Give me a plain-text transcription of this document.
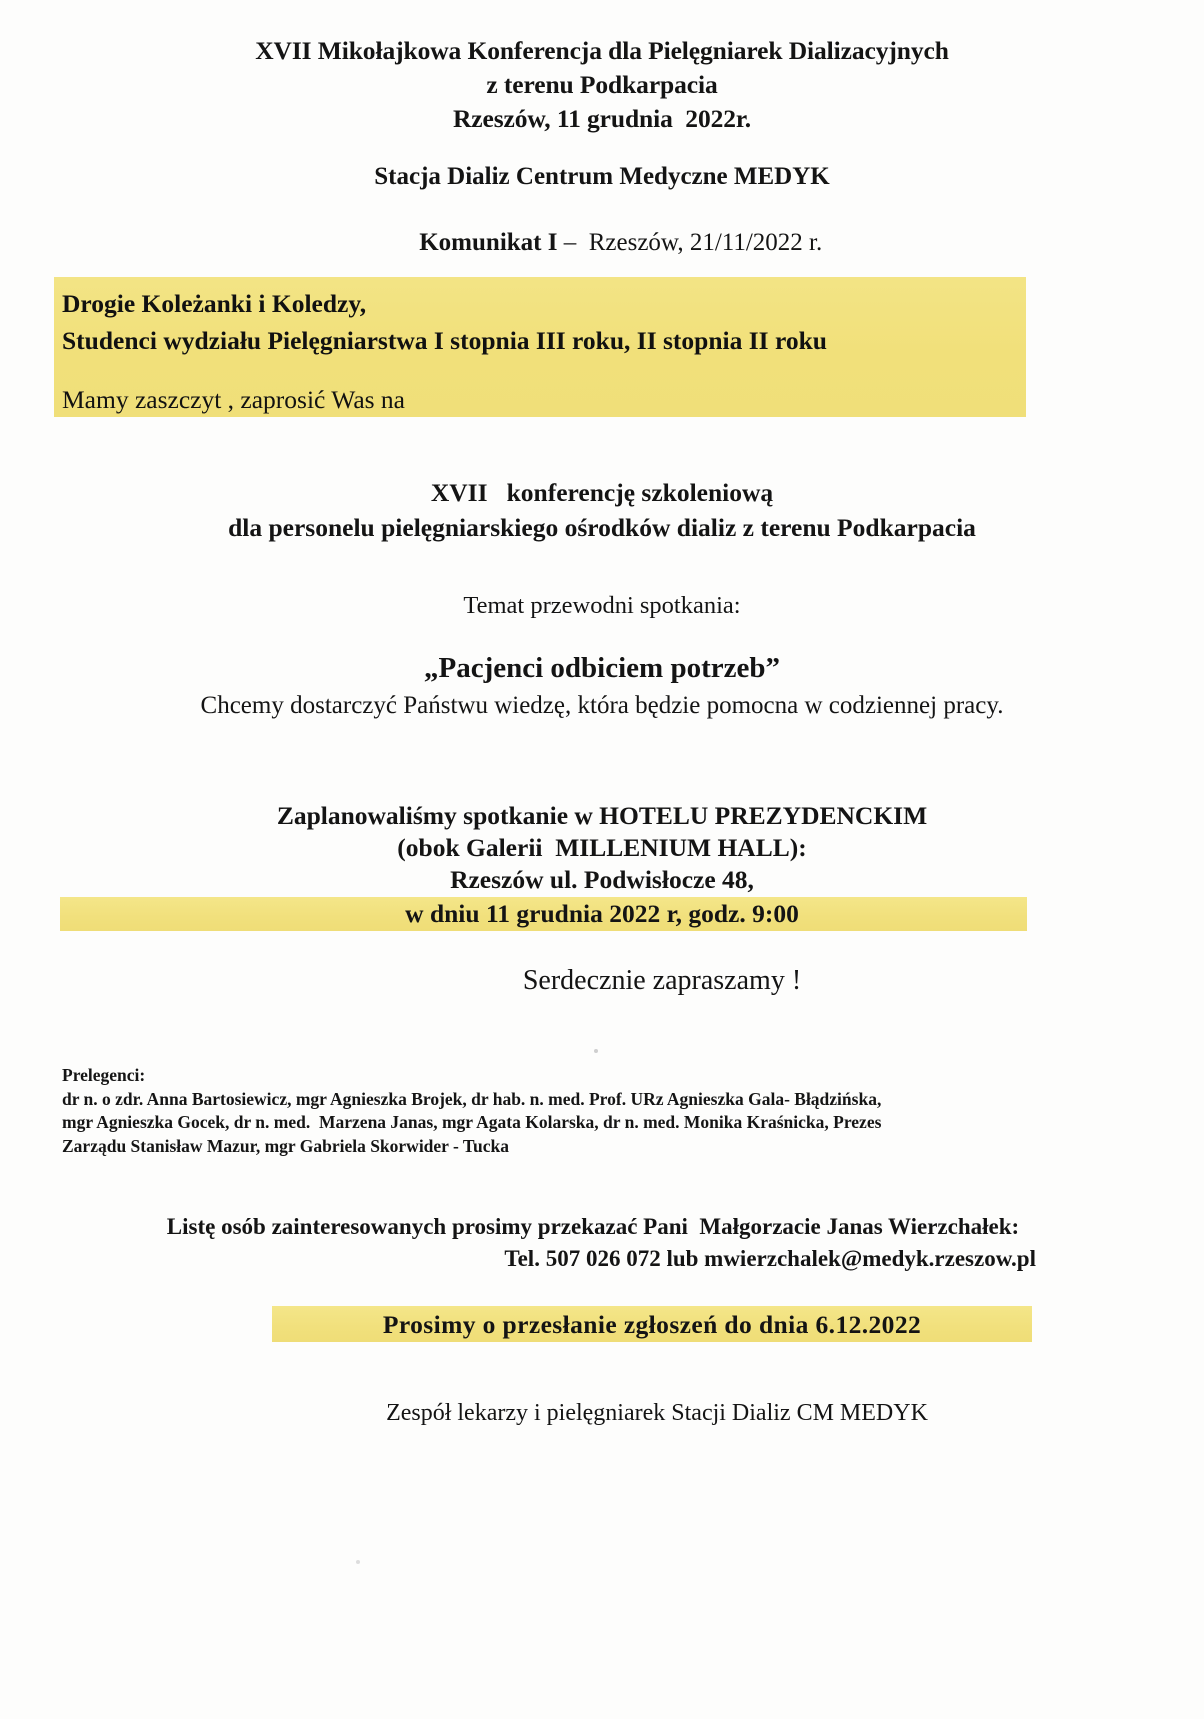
XVII Mikołajkowa Konferencja dla Pielęgniarek Dializacyjnych
z terenu Podkarpacia
Rzeszów, 11 grudnia  2022r.
Stacja Dializ Centrum Medyczne MEDYK

Komunikat I –  Rzeszów, 21/11/2022 r.

Drogie Koleżanki i Koledzy,
Studenci wydziału Pielęgniarstwa I stopnia III roku, II stopnia II roku
Mamy zaszczyt , zaprosić Was na
XVII   konferencję szkoleniową
dla personelu pielęgniarskiego ośrodków dializ z terenu Podkarpacia
Temat przewodni spotkania:
„Pacjenci odbiciem potrzeb”
Chcemy dostarczyć Państwu wiedzę, która będzie pomocna w codziennej pracy.
Zaplanowaliśmy spotkanie w HOTELU PREZYDENCKIM
(obok Galerii  MILLENIUM HALL):
Rzeszów ul. Podwisłocze 48,
w dniu 11 grudnia 2022 r, godz. 9:00
Serdecznie zapraszamy !
Prelegenci:
dr n. o zdr. Anna Bartosiewicz, mgr Agnieszka Brojek, dr hab. n. med. Prof. URz Agnieszka Gala- Błądzińska,
mgr Agnieszka Gocek, dr n. med.  Marzena Janas, mgr Agata Kolarska, dr n. med. Monika Kraśnicka, Prezes
Zarządu Stanisław Mazur, mgr Gabriela Skorwider - Tucka
Listę osób zainteresowanych prosimy przekazać Pani  Małgorzacie Janas Wierzchałek:
Tel. 507 026 072 lub mwierzchalek@medyk.rzeszow.pl
Prosimy o przesłanie zgłoszeń do dnia 6.12.2022
Zespół lekarzy i pielęgniarek Stacji Dializ CM MEDYK
